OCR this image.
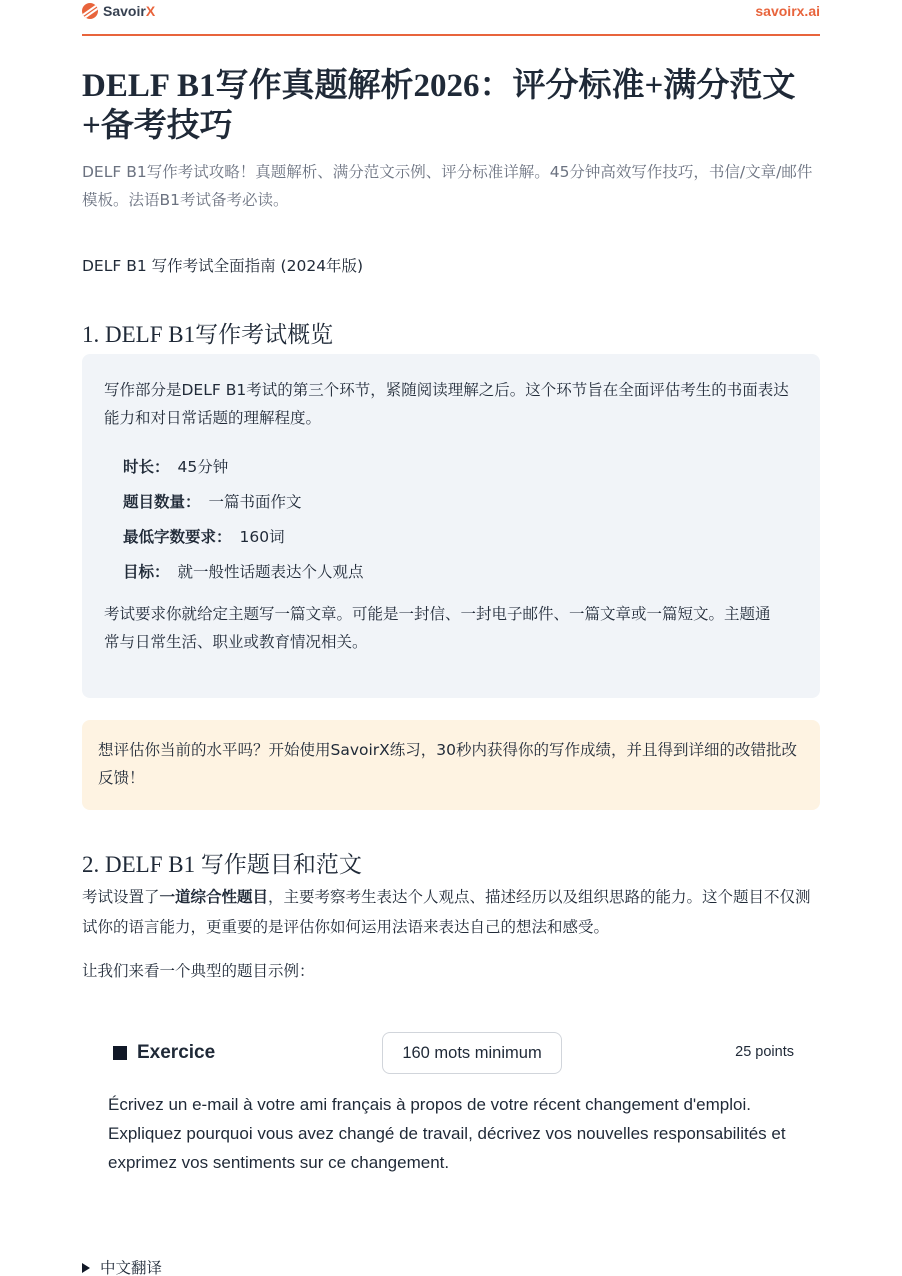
SavoirX	savoirx.ai
DELF B1写作真题解析2026：评分标准+满分范文+备考技巧

DELF B1写作考试攻略！真题解析、满分范文示例、评分标准详解。45分钟高效写作技巧，书信/文章/邮件模板。法语B1考试备考必读。

DELF B1 写作考试全面指南 (2024年版)

1. DELF B1写作考试概览

写作部分是DELF B1考试的第三个环节，紧随阅读理解之后。这个环节旨在全面评估考生的书面表达能力和对日常话题的理解程度。

时长： 45分钟
题目数量： 一篇书面作文
最低字数要求： 160词
目标： 就一般性话题表达个人观点

考试要求你就给定主题写一篇文章。可能是一封信、一封电子邮件、一篇文章或一篇短文。主题通常与日常生活、职业或教育情况相关。

想评估你当前的水平吗？开始使用SavoirX练习，30秒内获得你的写作成绩，并且得到详细的改错批改反馈！

2. DELF B1 写作题目和范文

考试设置了一道综合性题目，主要考察考生表达个人观点、描述经历以及组织思路的能力。这个题目不仅测试你的语言能力，更重要的是评估你如何运用法语来表达自己的想法和感受。

让我们来看一个典型的题目示例：

Exercice	160 mots minimum	25 points

Écrivez un e-mail à votre ami français à propos de votre récent changement d'emploi. Expliquez pourquoi vous avez changé de travail, décrivez vos nouvelles responsabilités et exprimez vos sentiments sur ce changement.

中文翻译
